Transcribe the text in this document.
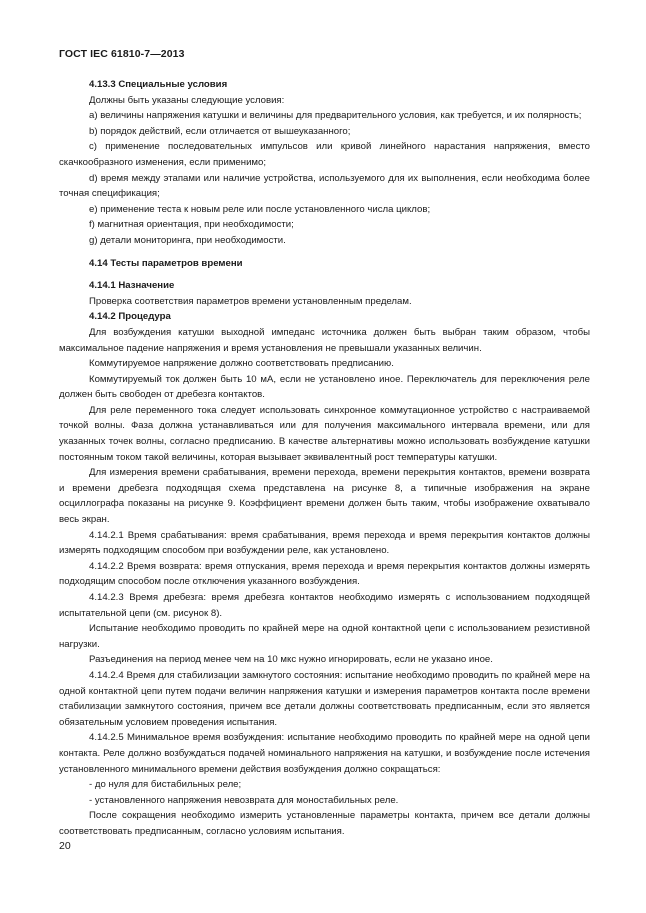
ГОСТ IEC 61810-7—2013
4.13.3 Специальные условия
Должны быть указаны следующие условия:
a) величины напряжения катушки и величины для предварительного условия, как требуется, и их полярность;
b) порядок действий, если отличается от вышеуказанного;
c) применение последовательных импульсов или кривой линейного нарастания напряжения, вместо скачкообразного изменения, если применимо;
d) время между этапами или наличие устройства, используемого для их выполнения, если необходима более точная спецификация;
e) применение теста к новым реле или после установленного числа циклов;
f) магнитная ориентация, при необходимости;
g) детали мониторинга, при необходимости.
4.14 Тесты параметров времени
4.14.1 Назначение
Проверка соответствия параметров времени установленным пределам.
4.14.2 Процедура
Для возбуждения катушки выходной импеданс источника должен быть выбран таким образом, чтобы максимальное падение напряжения и время установления не превышали указанных величин.
Коммутируемое напряжение должно соответствовать предписанию.
Коммутируемый ток должен быть 10 мА, если не установлено иное. Переключатель для переключения реле должен быть свободен от дребезга контактов.
Для реле переменного тока следует использовать синхронное коммутационное устройство с настраиваемой точкой волны. Фаза должна устанавливаться или для получения максимального интервала времени, или для указанных точек волны, согласно предписанию. В качестве альтернативы можно использовать возбуждение катушки постоянным током такой величины, которая вызывает эквивалентный рост температуры катушки.
Для измерения времени срабатывания, времени перехода, времени перекрытия контактов, времени возврата и времени дребезга подходящая схема представлена на рисунке 8, а типичные изображения на экране осциллографа показаны на рисунке 9. Коэффициент времени должен быть таким, чтобы изображение охватывало весь экран.
4.14.2.1 Время срабатывания: время срабатывания, время перехода и время перекрытия контактов должны измерять подходящим способом при возбуждении реле, как установлено.
4.14.2.2 Время возврата: время отпускания, время перехода и время перекрытия контактов должны измерять подходящим способом после отключения указанного возбуждения.
4.14.2.3 Время дребезга: время дребезга контактов необходимо измерять с использованием подходящей испытательной цепи (см. рисунок 8).
Испытание необходимо проводить по крайней мере на одной контактной цепи с использованием резистивной нагрузки.
Разъединения на период менее чем на 10 мкс нужно игнорировать, если не указано иное.
4.14.2.4 Время для стабилизации замкнутого состояния: испытание необходимо проводить по крайней мере на одной контактной цепи путем подачи величин напряжения катушки и измерения параметров контакта после времени стабилизации замкнутого состояния, причем все детали должны соответствовать предписанным, если это является обязательным условием проведения испытания.
4.14.2.5 Минимальное время возбуждения: испытание необходимо проводить по крайней мере на одной цепи контакта. Реле должно возбуждаться подачей номинального напряжения на катушки, и возбуждение после истечения установленного минимального времени действия возбуждения должно сокращаться:
- до нуля для бистабильных реле;
- установленного напряжения невозврата для моностабильных реле.
После сокращения необходимо измерить установленные параметры контакта, причем все детали должны соответствовать предписанным, согласно условиям испытания.
20
